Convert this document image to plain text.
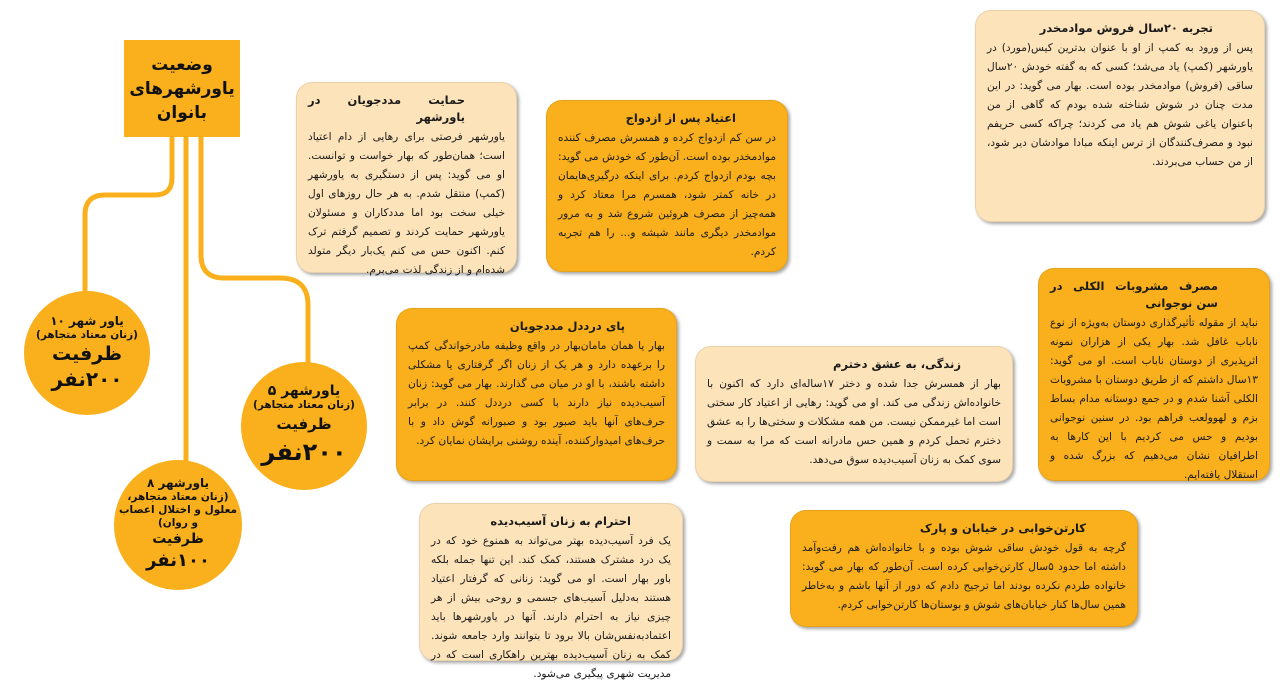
وضعیت
یاورشهرهای
بانوان
یاور شهر ۱۰
(زنان معتاد متجاهر)
ظرفیت
۲۰۰نفر
یاورشهر ۸
(زنان معتاد متجاهر، معلول و اختلال اعصاب و روان)
ظرفیت
۱۰۰نفر
یاورشهر ۵
(زنان معتاد متجاهر)
ظرفیت
۲۰۰نفر
تجربه ۲۰سال فروش موادمخدر

پس از ورود به کمپ از او با عنوان بدترین کیس(مورد) در یاورشهر (کمپ) یاد می‌شد؛ کسی که به گفته خودش ۲۰سال ساقی (فروش) موادمخدر بوده است. بهار می گوید: در این مدت چنان در شوش شناخته شده بودم که گاهی از من باعنوان یاغی شوش هم یاد می کردند؛ چراکه کسی حریفم نبود و مصرف‌کنندگان از ترس اینکه مبادا موادشان دیر شود، از من حساب می‌بردند.

حمایت مددجویان در یاورشهر

یاورشهر فرصتی برای رهایی از دام اعتیاد است؛ همان‌طور که بهار خواست و توانست. او می گوید: پس از دستگیری به یاورشهر (کمپ) منتقل شدم. به هر حال روزهای اول خیلی سخت بود اما مددکاران و مسئولان یاورشهر حمایت کردند و تصمیم گرفتم ترک کنم. اکنون حس می کنم یک‌بار دیگر متولد شده‌ام و از زندگی لذت می‌برم.

اعتیاد پس از ازدواج

در سن کم ازدواج کرده و همسرش مصرف کننده موادمخدر بوده است. آن‌طور که خودش می گوید: بچه بودم ازدواج کردم. برای اینکه درگیری‌هایمان در خانه کمتر شود، همسرم مرا معتاد کرد و همه‌چیز از مصرف هروئین شروع شد و به مرور موادمخدر دیگری مانند شیشه و... را هم تجربه کردم.

مصرف مشروبات الکلی در سن نوجوانی

نباید از مقوله تأثیرگذاری دوستان به‌ویژه از نوع ناباب غافل شد. بهار یکی از هزاران نمونه اثرپذیری از دوستان ناباب است. او می گوید: ۱۳سال داشتم که از طریق دوستان با مشروبات الکلی آشنا شدم و در جمع دوستانه مدام بساط بزم و لهوولعب فراهم بود. در سنین نوجوانی بودیم و حس می کردیم با این کارها به اطرافیان نشان می‌دهیم که بزرگ شده و استقلال یافته‌ایم.

زندگی، به عشق دخترم

بهار از همسرش جدا شده و دختر ۱۷ساله‌ای دارد که اکنون با خانواده‌اش زندگی می کند. او می گوید: رهایی از اعتیاد کار سختی است اما غیرممکن نیست. من همه مشکلات و سختی‌ها را به عشق دخترم تحمل کردم و همین حس مادرانه است که مرا به سمت و سوی کمک به زنان آسیب‌دیده سوق می‌دهد.

پای درددل مددجویان

بهار یا همان مامان‌بهار در واقع وظیفه مادرخواندگی کمپ را برعهده دارد و هر یک از زنان اگر گرفتاری یا مشکلی داشته باشند، با او در میان می گذارند. بهار می گوید: زنان آسیب‌دیده نیاز دارند با کسی درددل کنند. در برابر حرف‌های آنها باید صبور بود و صبورانه گوش داد و با حرف‌های امیدوارکننده، آینده روشنی برایشان نمایان کرد.

احترام به زنان آسیب‌دیده

یک فرد آسیب‌دیده بهتر می‌تواند به همنوع خود که در یک درد مشترک هستند، کمک کند. این تنها جمله بلکه باور بهار است. او می گوید: زنانی که گرفتار اعتیاد هستند به‌دلیل آسیب‌های جسمی و روحی بیش از هر چیزی نیاز به احترام دارند. آنها در یاورشهرها باید اعتمادبه‌نفس‌شان بالا برود تا بتوانند وارد جامعه شوند. کمک به زنان آسیب‌دیده بهترین راهکاری است که در مدیریت شهری پیگیری می‌شود.

کارتن‌خوابی در خیابان و پارک

گرچه به قول خودش ساقی شوش بوده و با خانواده‌اش هم رفت‌وآمد داشته اما حدود ۵سال کارتن‌خوابی کرده است. آن‌طور که بهار می گوید: خانواده طردم نکرده بودند اما ترجیح دادم که دور از آنها باشم و به‌خاطر همین سال‌ها کنار خیابان‌های شوش و بوستان‌ها کارتن‌خوابی کردم.
